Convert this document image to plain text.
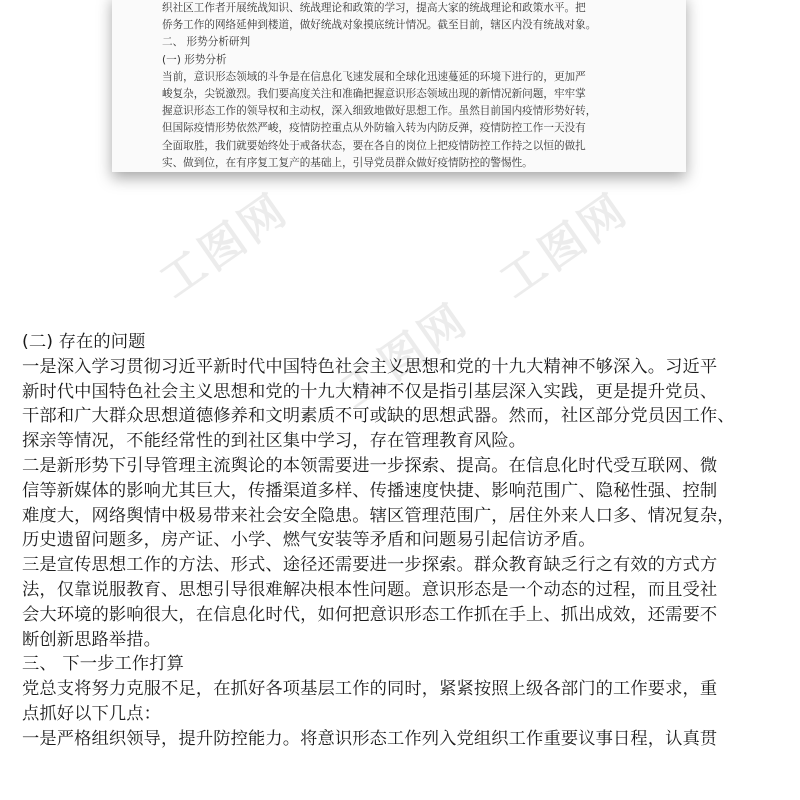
工图网	工图网
工图网
织社区工作者开展统战知识、统战理论和政策的学习，提高大家的统战理论和政策水平。把
侨务工作的网络延伸到楼道，做好统战对象摸底统计情况。截至目前，辖区内没有统战对象。
二、 形势分析研判
(一) 形势分析
当前，意识形态领域的斗争是在信息化飞速发展和全球化迅速蔓延的环境下进行的，更加严
峻复杂，尖锐激烈。我们要高度关注和准确把握意识形态领域出现的新情况新问题，牢牢掌
握意识形态工作的领导权和主动权，深入细致地做好思想工作。虽然目前国内疫情形势好转，
但国际疫情形势依然严峻，疫情防控重点从外防输入转为内防反弹，疫情防控工作一天没有
全面取胜，我们就要始终处于戒备状态，要在各自的岗位上把疫情防控工作持之以恒的做扎
实、做到位，在有序复工复产的基础上，引导党员群众做好疫情防控的警惕性。
(二) 存在的问题
一是深入学习贯彻习近平新时代中国特色社会主义思想和党的十九大精神不够深入。习近平
新时代中国特色社会主义思想和党的十九大精神不仅是指引基层深入实践，更是提升党员、
干部和广大群众思想道德修养和文明素质不可或缺的思想武器。然而，社区部分党员因工作、
探亲等情况，不能经常性的到社区集中学习，存在管理教育风险。
二是新形势下引导管理主流舆论的本领需要进一步探索、提高。在信息化时代受互联网、微
信等新媒体的影响尤其巨大，传播渠道多样、传播速度快捷、影响范围广、隐秘性强、控制
难度大，网络舆情中极易带来社会安全隐患。辖区管理范围广，居住外来人口多、情况复杂，
历史遗留问题多，房产证、小学、燃气安装等矛盾和问题易引起信访矛盾。
三是宣传思想工作的方法、形式、途径还需要进一步探索。群众教育缺乏行之有效的方式方
法，仅靠说服教育、思想引导很难解决根本性问题。意识形态是一个动态的过程，而且受社
会大环境的影响很大，在信息化时代，如何把意识形态工作抓在手上、抓出成效，还需要不
断创新思路举措。
三、 下一步工作打算
党总支将努力克服不足，在抓好各项基层工作的同时，紧紧按照上级各部门的工作要求，重
点抓好以下几点：
一是严格组织领导，提升防控能力。将意识形态工作列入党组织工作重要议事日程，认真贯
